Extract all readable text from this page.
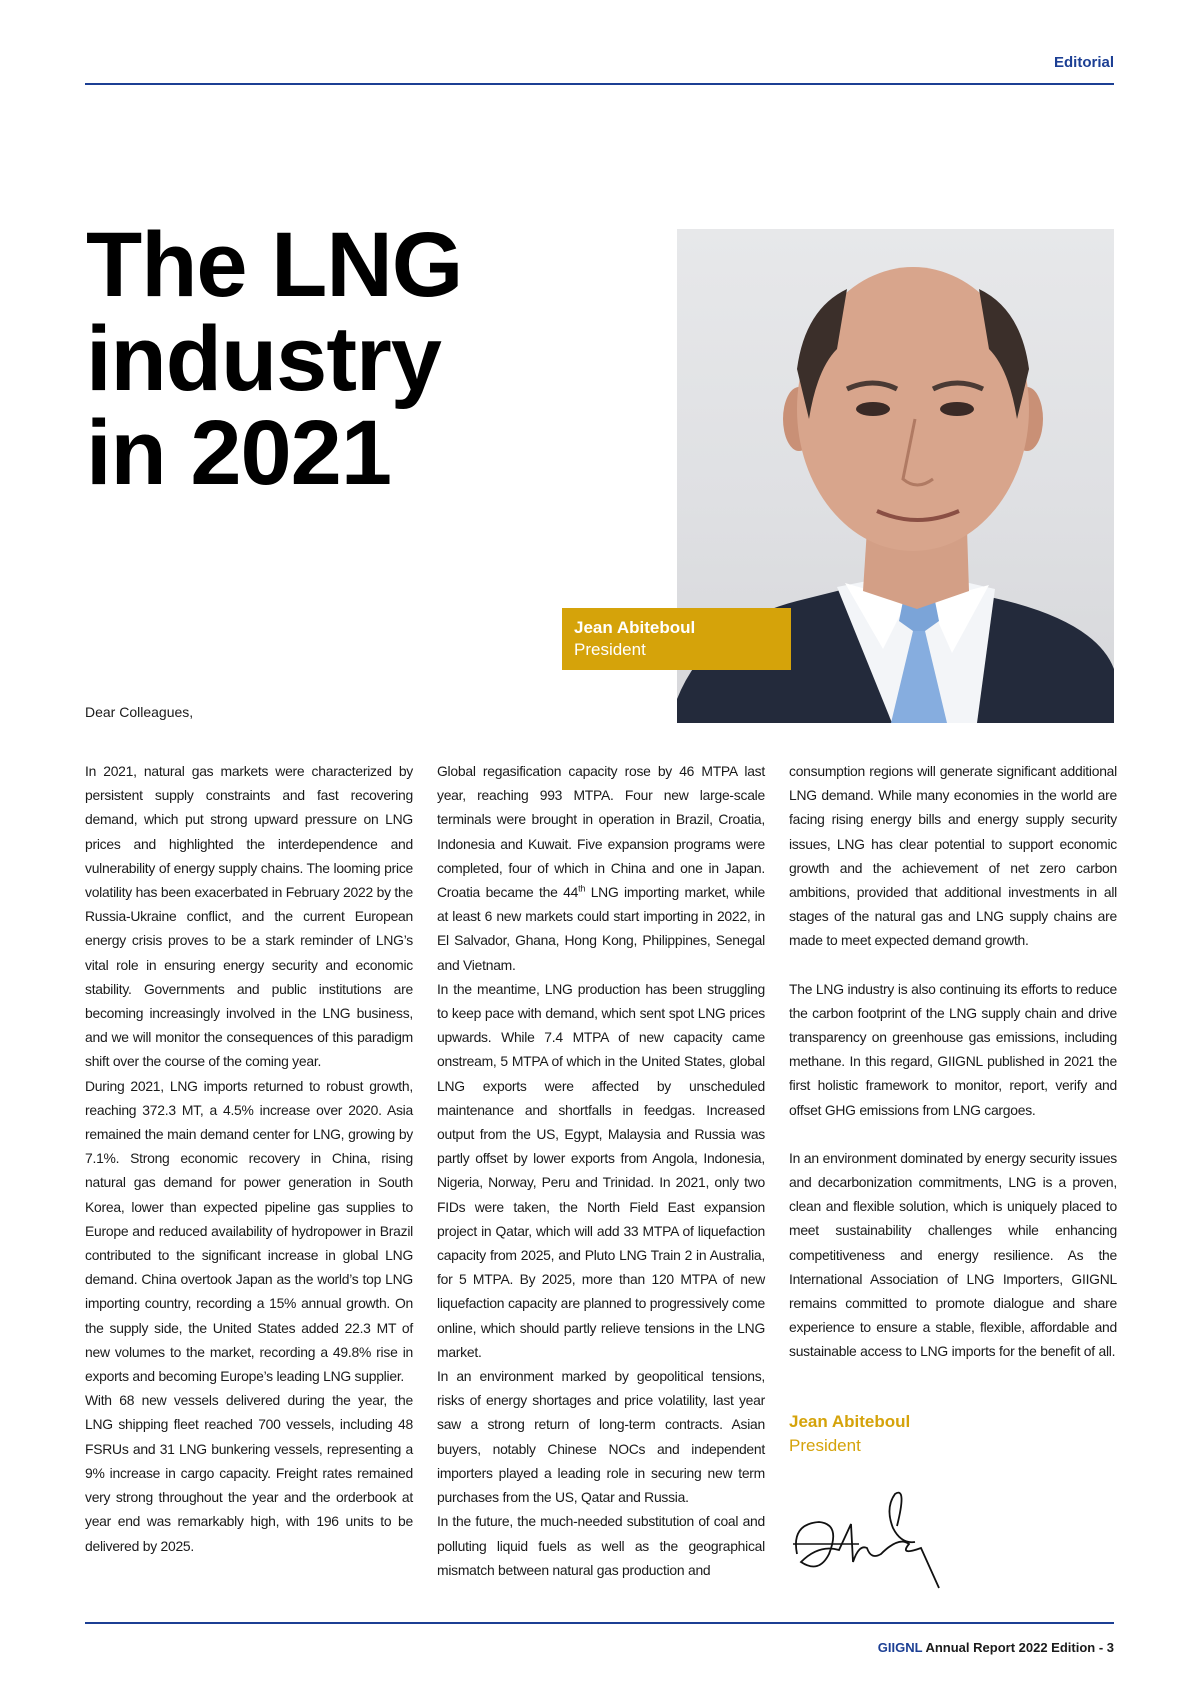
Editorial
The LNG
industry
in 2021
Jean Abiteboul
President
Dear Colleagues,

In 2021, natural gas markets were characterized by persistent supply constraints and fast recovering demand, which put strong upward pressure on LNG prices and highlighted the interdependence and vulnerability of energy supply chains. The looming price volatility has been exacerbated in February 2022 by the Russia-Ukraine conflict, and the current European energy crisis proves to be a stark reminder of LNG’s vital role in ensuring energy security and economic stability. Governments and public institutions are becoming increasingly involved in the LNG business, and we will monitor the consequences of this paradigm shift over the course of the coming year.

During 2021, LNG imports returned to robust growth, reaching 372.3 MT, a 4.5% increase over 2020. Asia remained the main demand center for LNG, growing by 7.1%. Strong economic recovery in China, rising natural gas demand for power generation in South Korea, lower than expected pipeline gas supplies to Europe and reduced availability of hydropower in Brazil contributed to the significant increase in global LNG demand. China overtook Japan as the world’s top LNG importing country, recording a 15% annual growth. On the supply side, the United States added 22.3 MT of new volumes to the market, recording a 49.8% rise in exports and becoming Europe’s leading LNG supplier.

With 68 new vessels delivered during the year, the LNG shipping fleet reached 700 vessels, including 48 FSRUs and 31 LNG bunkering vessels, representing a 9% increase in cargo capacity. Freight rates remained very strong throughout the year and the orderbook at year end was remarkably high, with 196 units to be delivered by 2025.

Global regasification capacity rose by 46 MTPA last year, reaching 993 MTPA. Four new large-scale terminals were brought in operation in Brazil, Croatia, Indonesia and Kuwait. Five expansion programs were completed, four of which in China and one in Japan. Croatia became the 44th LNG importing market, while at least 6 new markets could start importing in 2022, in El Salvador, Ghana, Hong Kong, Philippines, Senegal and Vietnam.

In the meantime, LNG production has been struggling to keep pace with demand, which sent spot LNG prices upwards. While 7.4 MTPA of new capacity came onstream, 5 MTPA of which in the United States, global LNG exports were affected by unscheduled maintenance and shortfalls in feedgas. Increased output from the US, Egypt, Malaysia and Russia was partly offset by lower exports from Angola, Indonesia, Nigeria, Norway, Peru and Trinidad. In 2021, only two FIDs were taken, the North Field East expansion project in Qatar, which will add 33 MTPA of liquefaction capacity from 2025, and Pluto LNG Train 2 in Australia, for 5 MTPA. By 2025, more than 120 MTPA of new liquefaction capacity are planned to progressively come online, which should partly relieve tensions in the LNG market.

In an environment marked by geopolitical tensions, risks of energy shortages and price volatility, last year saw a strong return of long-term contracts. Asian buyers, notably Chinese NOCs and independent importers played a leading role in securing new term purchases from the US, Qatar and Russia.

In the future, the much-needed substitution of coal and polluting liquid fuels as well as the geographical mismatch between natural gas production and

consumption regions will generate significant additional LNG demand. While many economies in the world are facing rising energy bills and energy supply security issues, LNG has clear potential to support economic growth and the achievement of net zero carbon ambitions, provided that additional investments in all stages of the natural gas and LNG supply chains are made to meet expected demand growth.

The LNG industry is also continuing its efforts to reduce the carbon footprint of the LNG supply chain and drive transparency on greenhouse gas emissions, including methane. In this regard, GIIGNL published in 2021 the first holistic framework to monitor, report, verify and offset GHG emissions from LNG cargoes.

In an environment dominated by energy security issues and decarbonization commitments, LNG is a proven, clean and flexible solution, which is uniquely placed to meet sustainability challenges while enhancing competitiveness and energy resilience. As the International Association of LNG Importers, GIIGNL remains committed to promote dialogue and share experience to ensure a stable, flexible, affordable and sustainable access to LNG imports for the benefit of all.

Jean Abiteboul
President
GIIGNL Annual Report 2022 Edition - 3
